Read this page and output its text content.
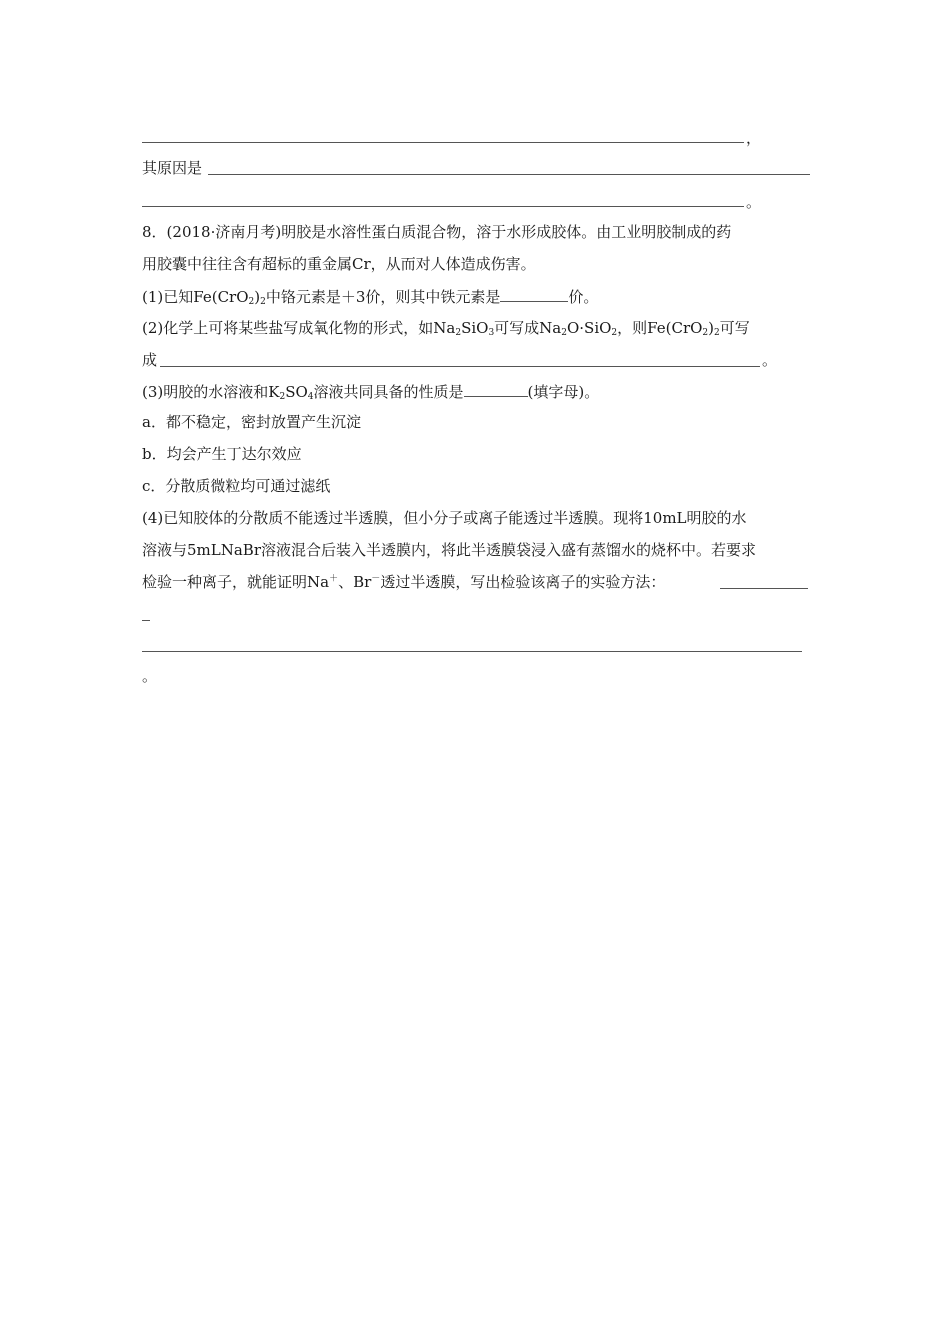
，
其原因是
。
8．(2018·济南月考)明胶是水溶性蛋白质混合物，溶于水形成胶体。由工业明胶制成的药
用胶囊中往往含有超标的重金属Cr，从而对人体造成伤害。
(1)已知$Fe(CrO_2)_2$中铬元素是＋3价，则其中铁元素是	价。
(2)化学上可将某些盐写成氧化物的形式，如$Na_2SiO_3$可写成$Na_2O\cdot SiO_2$，则$Fe(CrO_2)_2$可写
成	。
(3)明胶的水溶液和$K_2SO_4$溶液共同具备的性质是	(填字母)。
a．都不稳定，密封放置产生沉淀
b．均会产生丁达尔效应
c．分散质微粒均可通过滤纸
(4)已知胶体的分散质不能透过半透膜，但小分子或离子能透过半透膜。现将10mL明胶的水
溶液与5mLNaBr溶液混合后装入半透膜内，将此半透膜袋浸入盛有蒸馏水的烧杯中。若要求
检验一种离子，就能证明Na＋、Br－透过半透膜，写出检验该离子的实验方法：
。
